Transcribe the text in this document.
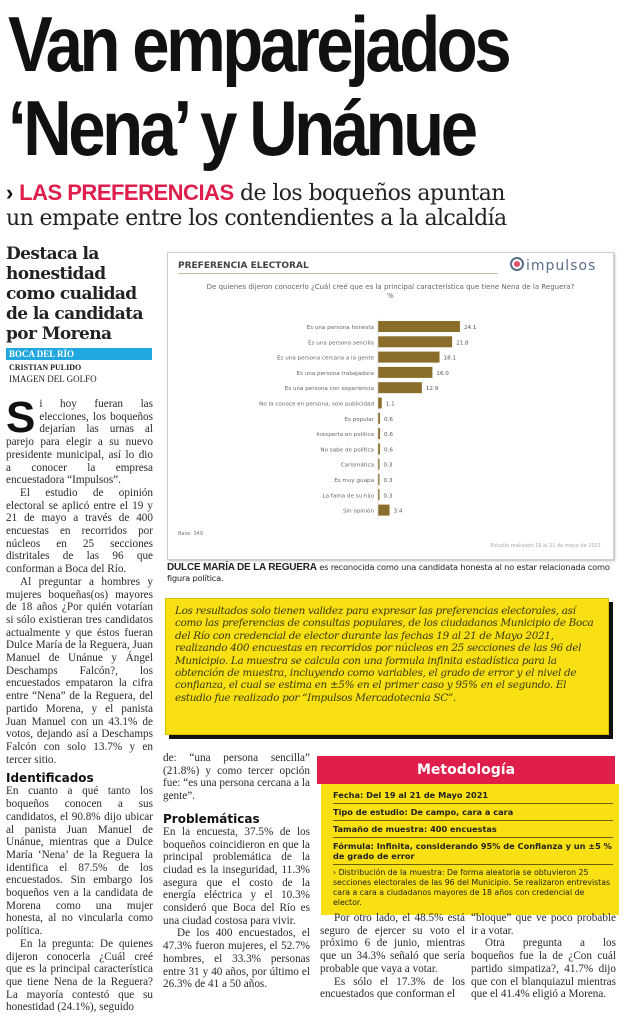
Van emparejados
‘Nena’ y Unánue
› LAS PREFERENCIAS de los boqueños apuntan
un empate entre los contendientes a la alcaldía
Destaca la honestidad como cualidad de la candidata por Morena
BOCA DEL RÍO
CRISTIAN PULIDO
IMAGEN DEL GOLFO
S i hoy fueran las elecciones, los boqueños dejarían las urnas al parejo para elegir a su nuevo presidente municipal, así lo dio a conocer la empresa encuestadora “Impulsos”.

El estudio de opinión electoral se aplicó entre el 19 y 21 de mayo a través de 400 encuestas en recorridos por núcleos en 25 secciones distritales de las 96 que conforman a Boca del Río.

Al preguntar a hombres y mujeres boqueñas(os) mayores de 18 años ¿Por quién votarían si sólo existieran tres candidatos actualmente y que éstos fueran Dulce María de la Reguera, Juan Manuel de Unánue y Ángel Deschamps Falcón?, los encuestados empataron la cifra entre “Nena” de la Reguera, del partido Morena, y el panista Juan Manuel con un 43.1% de votos, dejando así a Deschamps Falcón con solo 13.7% y en tercer sitio.

Identificados

En cuanto a qué tanto los boqueños conocen a sus candidatos, el 90.8% dijo ubicar al panista Juan Manuel de Unánue, mientras que a Dulce María ‘Nena’ de la Reguera la identifica el 87.5% de los encuestados. Sin embargo los boqueños ven a la candidata de Morena como una mujer honesta, al no vincularla como política.

En la pregunta: De quienes dijeron conocerla ¿Cuál creé que es la principal característica que tiene Nena de la Reguera? La mayoría contestó que su honestidad (24.1%), seguido

PREFERENCIA ELECTORAL	impulsos
De quienes dijeron conocerlo ¿Cuál creé que es la principal característica que tiene Nena de la Reguera?
%
Es una persona honesta	24.1
Es una persona sencilla	21.8
Es una persona cercana a la gente	18.1
Es una persona trabajadora	16.0
Es una persona con experiencia	12.9
No la conoce en persona, solo publicidad 1.1
Es popular 0.6
Inexperta en política 0.6
No sabe de política 0.6
Carismática 0.3
Es muy guapa 0.3
La fama de su hijo 0.3
Sin opinión	3.4
Base: 349
Estudio realizado 19 al 21 de mayo de 2021
DULCE MARÍA DE LA REGUERA es reconocida como una candidata honesta al no estar relacionada como figura política.
Los resultados solo tienen validez para expresar las preferencias electorales, así como las preferencias de consultas populares, de los ciudadanos Municipio de Boca del Río con credencial de elector durante las fechas 19 al 21 de Mayo 2021, realizando 400 encuestas en recorridos por núcleos en 25 secciones de las 96 del Municipio. La muestra se calcula con una formula infinita estadística para la obtención de muestra, incluyendo como variables, el grado de error y el nivel de confianza, el cual se estima en ±5% en el primer caso y 95% en el segundo. El estudio fue realizado por “Impulsos Mercadotecnia SC”.

de: “una persona sencilla” (21.8%) y como tercer opción fue: “es una persona cercana a la gente”.

Problemáticas

En la encuesta, 37.5% de los boqueños coincidieron en que la principal problemática de la ciudad es la inseguridad, 11.3% asegura que el costo de la energía eléctrica y el 10.3% consideró que Boca del Río es una ciudad costosa para vivir.

De los 400 encuestados, el 47.3% fueron mujeres, el 52.7% hombres, el 33.3% personas entre 31 y 40 años, por último el 26.3% de 41 a 50 años.

Metodología
Fecha: Del 19 al 21 de Mayo 2021
Tipo de estudio: De campo, cara a cara
Tamaño de muestra: 400 encuestas
Fórmula: Infinita, considerando 95% de Confianza y un ±5 % de grado de error
› Distribución de la muestra: De forma aleatoria se obtuvieron 25 secciones electorales de las 96 del Municipio. Se realizaron entrevistas cara a cara a ciudadanos mayores de 18 años con credencial de elector.

Por otro lado, el 48.5% está seguro de ejercer su voto el próximo 6 de junio, mientras que un 34.3% señaló que sería probable que vaya a votar.

Es sólo el 17.3% de los encuestados que conforman el

“bloque” que ve poco probable ir a votar.

Otra pregunta a los boqueños fue la de ¿Con cuál partido simpatiza?, 41.7% dijo que con el blanquiazul mientras que el 41.4% eligió a Morena.
